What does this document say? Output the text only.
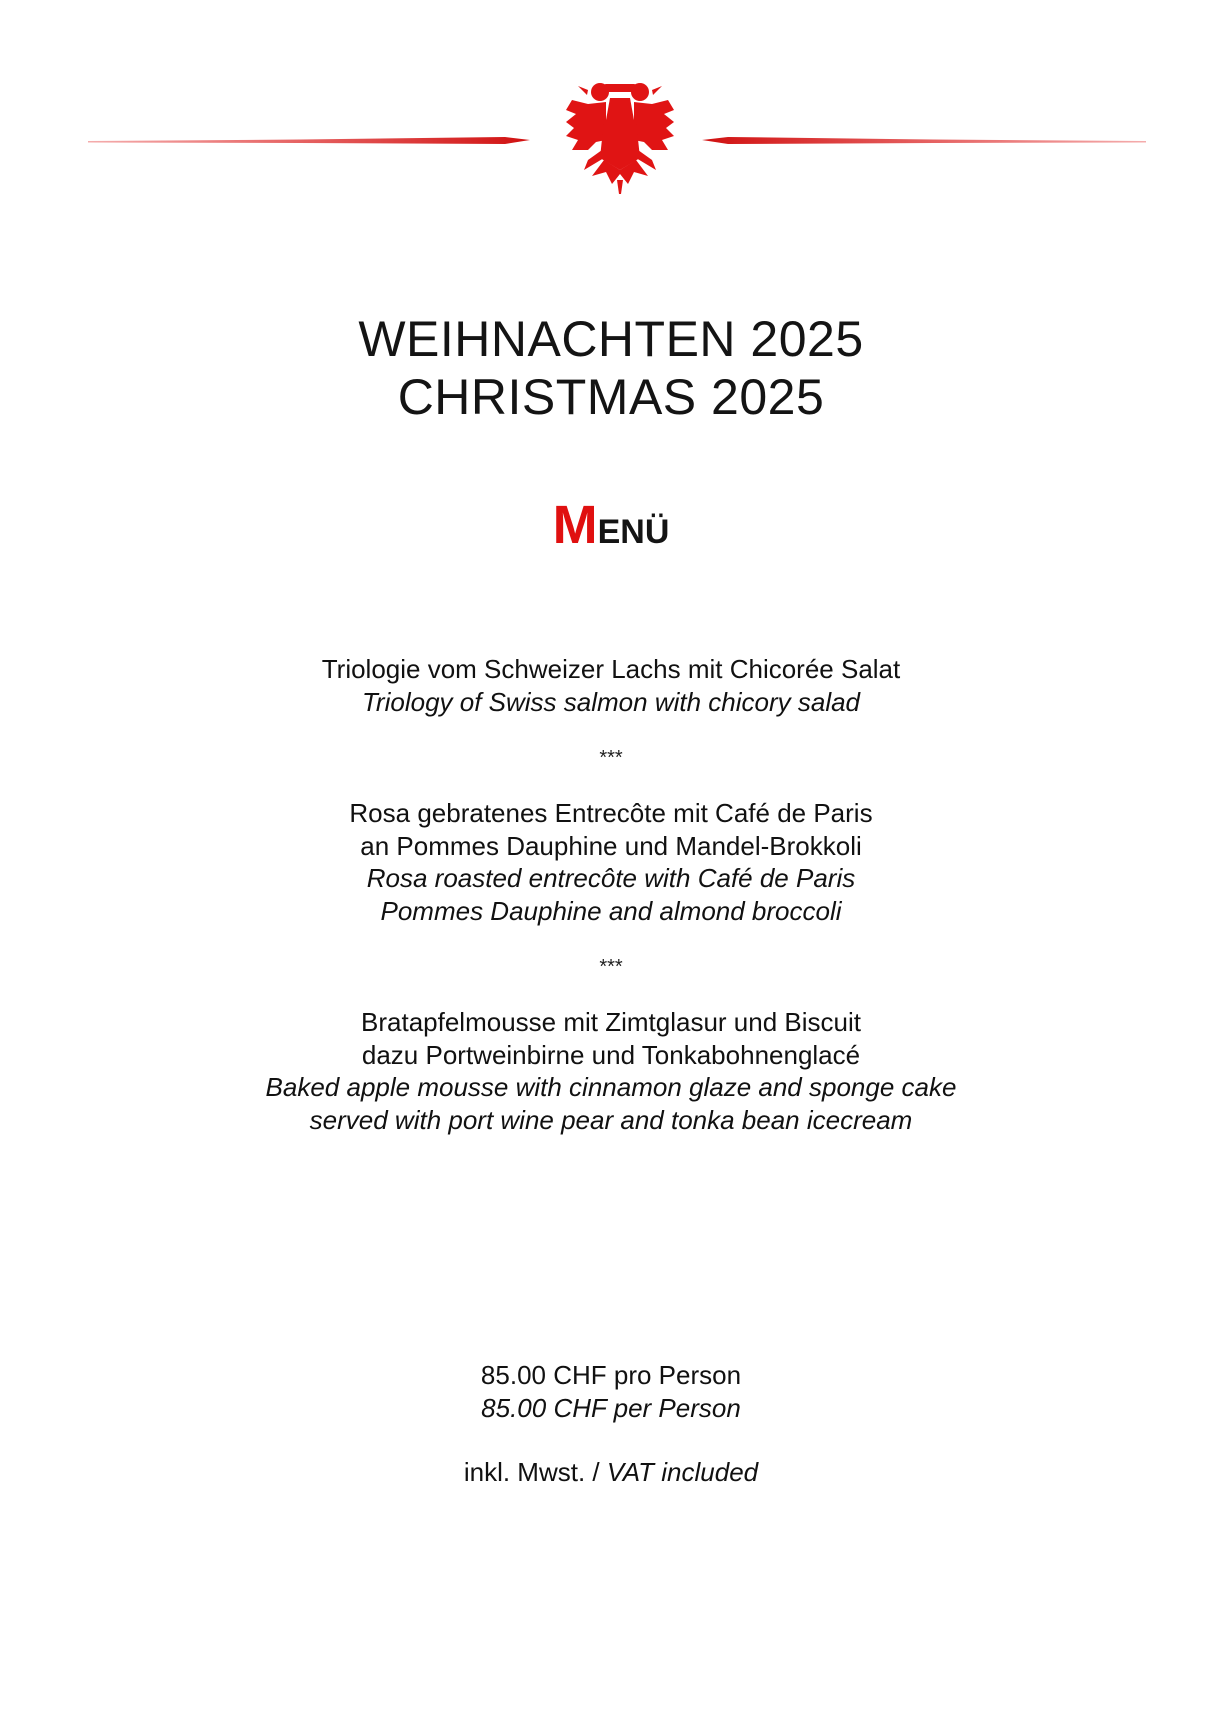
WEIHNACHTEN 2025
CHRISTMAS 2025
MENÜ

Triologie vom Schweizer Lachs mit Chicorée Salat

Triology of Swiss salmon with chicory salad

***

Rosa gebratenes Entrecôte mit Café de Paris

an Pommes Dauphine und Mandel-Brokkoli

Rosa roasted entrecôte with Café de Paris

Pommes Dauphine and almond broccoli

***

Bratapfelmousse mit Zimtglasur und Biscuit

dazu Portweinbirne und Tonkabohnenglacé

Baked apple mousse with cinnamon glaze and sponge cake

served with port wine pear and tonka bean icecream

85.00 CHF pro Person

85.00 CHF per Person

inkl. Mwst. / VAT included
